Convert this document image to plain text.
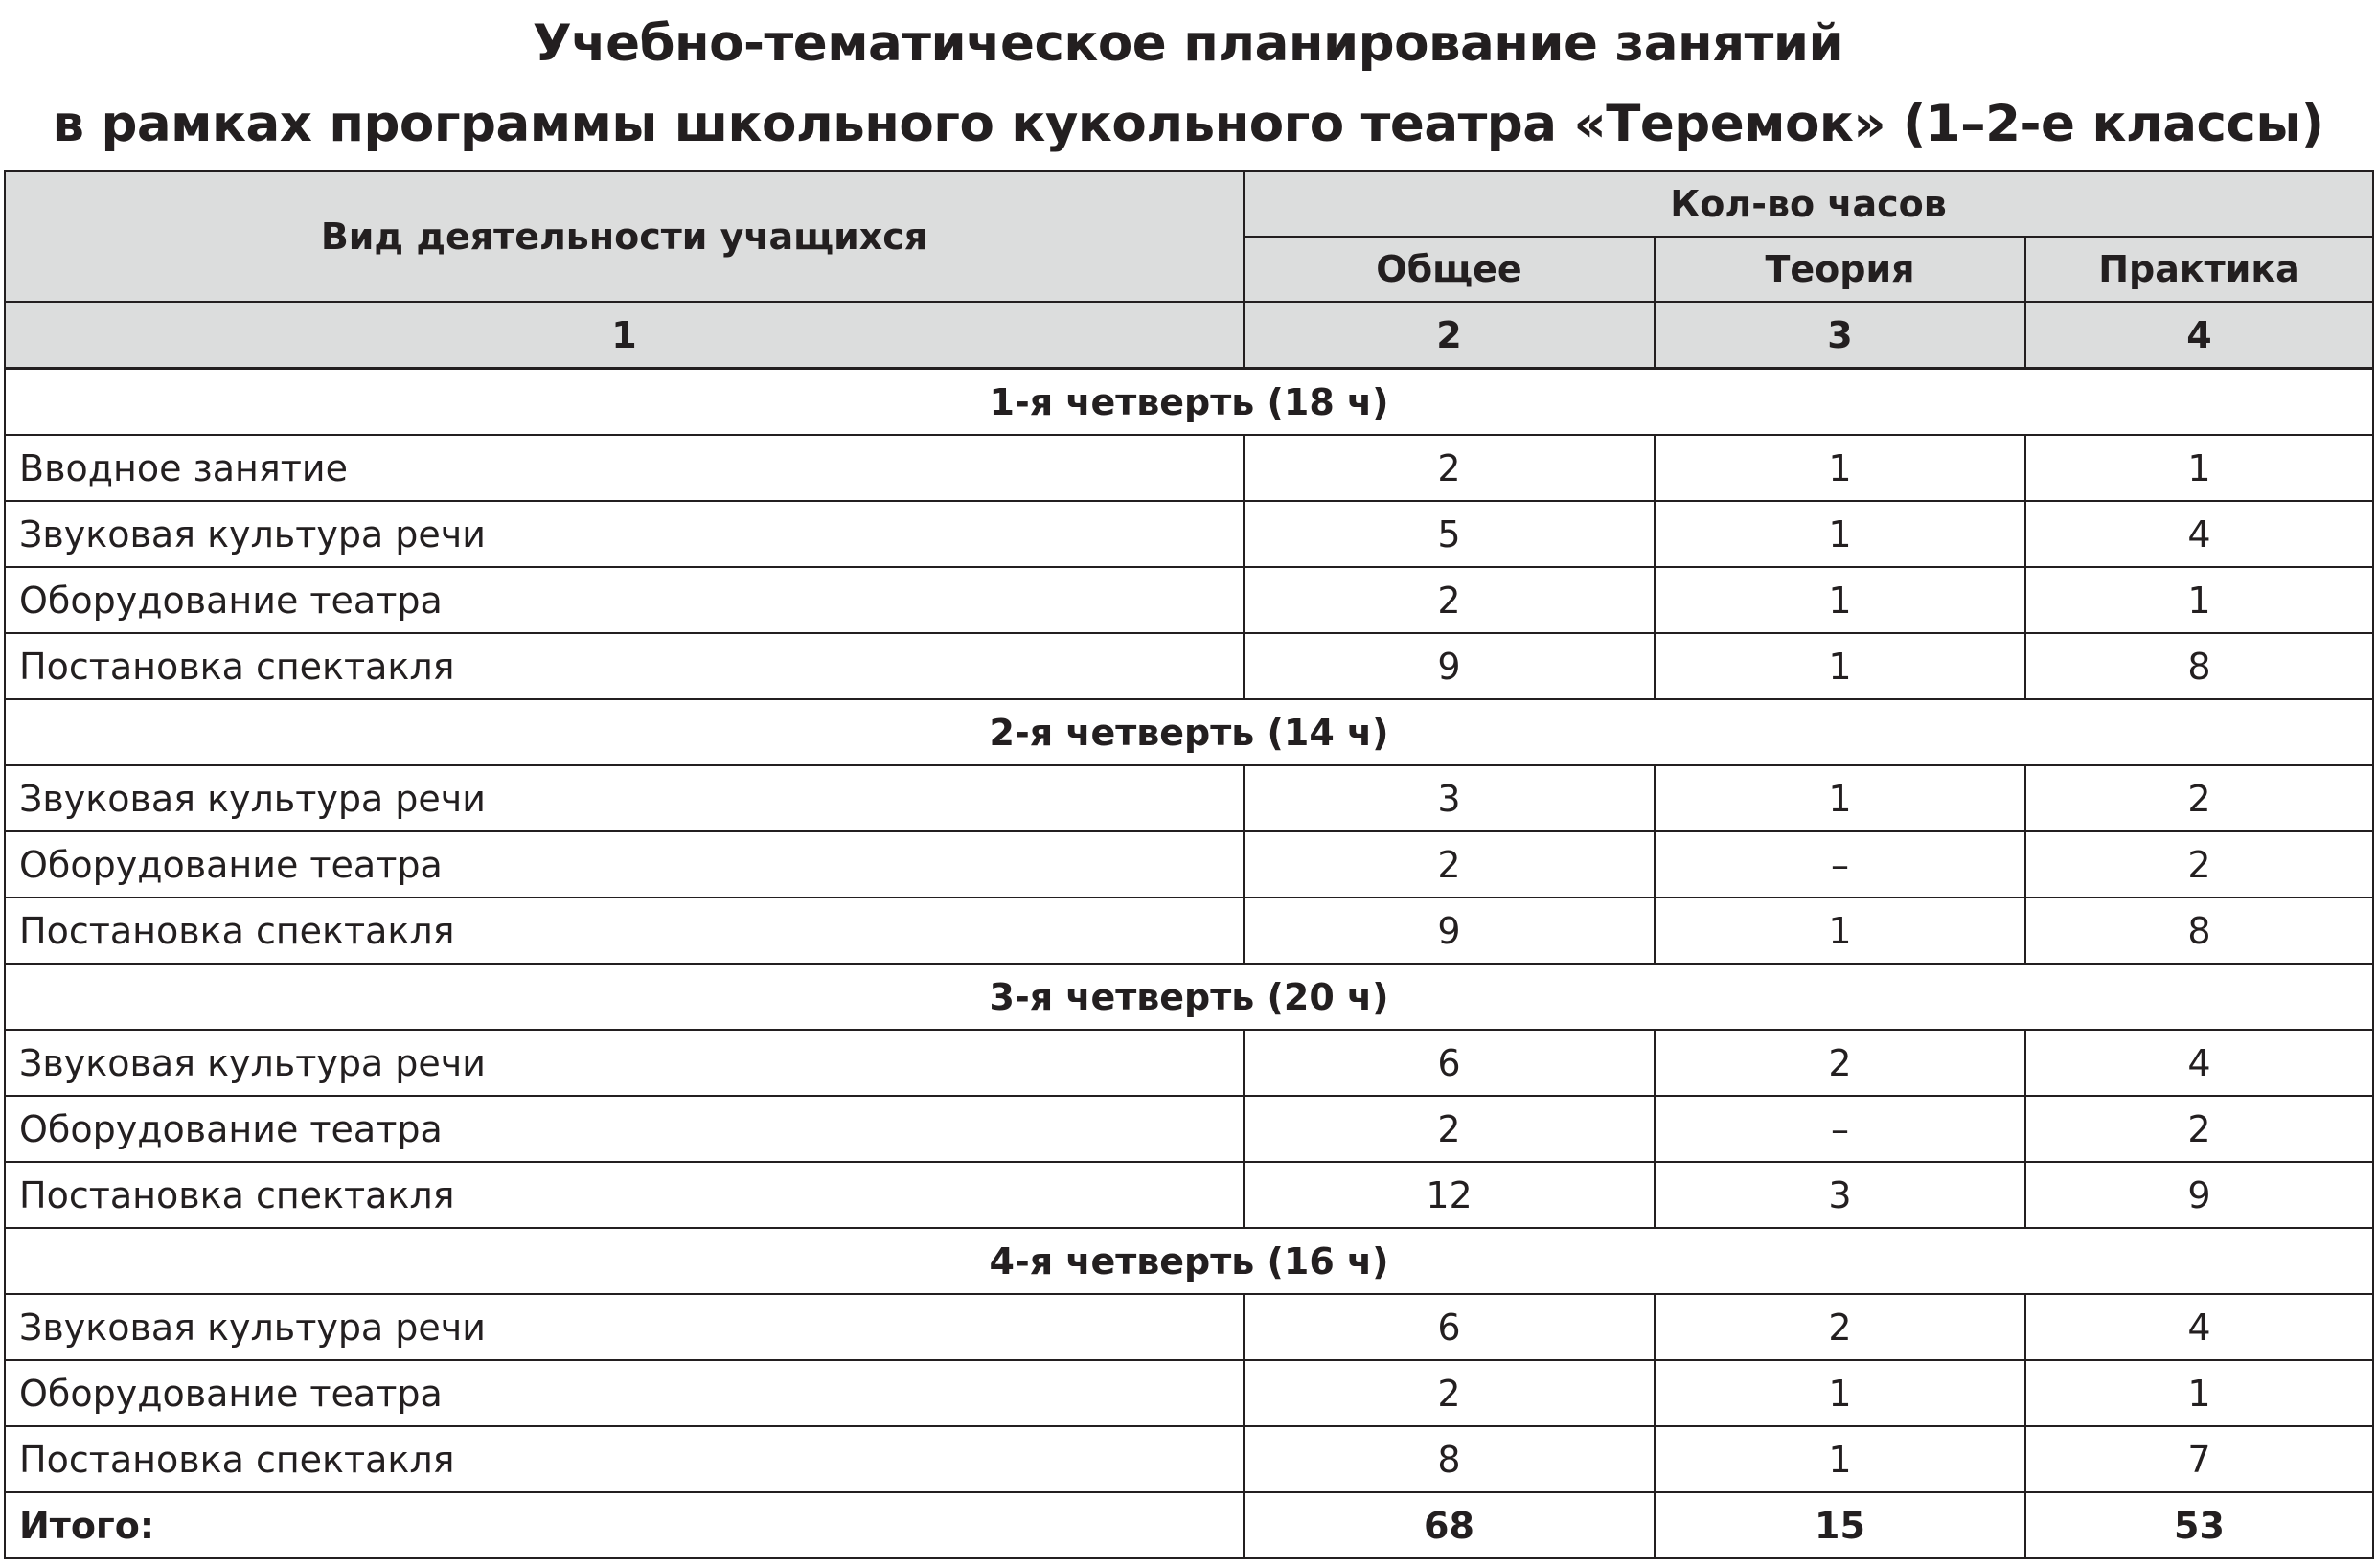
Учебно-тематическое планирование занятий
в рамках программы школьного кукольного театра «Теремок» (1–2-е классы)
Вид деятельности учащихся	Кол-во часов		
	Общее	Теория	Практика
1	2	3	4
1-я четверть (18 ч)			
Вводное занятие	2	1	1
Звуковая культура речи	5	1	4
Оборудование театра	2	1	1
Постановка спектакля	9	1	8
2-я четверть (14 ч)			
Звуковая культура речи	3	1	2
Оборудование театра	2	–	2
Постановка спектакля	9	1	8
3-я четверть (20 ч)			
Звуковая культура речи	6	2	4
Оборудование театра	2	–	2
Постановка спектакля	12	3	9
4-я четверть (16 ч)			
Звуковая культура речи	6	2	4
Оборудование театра	2	1	1
Постановка спектакля	8	1	7
Итого:	68	15	53
